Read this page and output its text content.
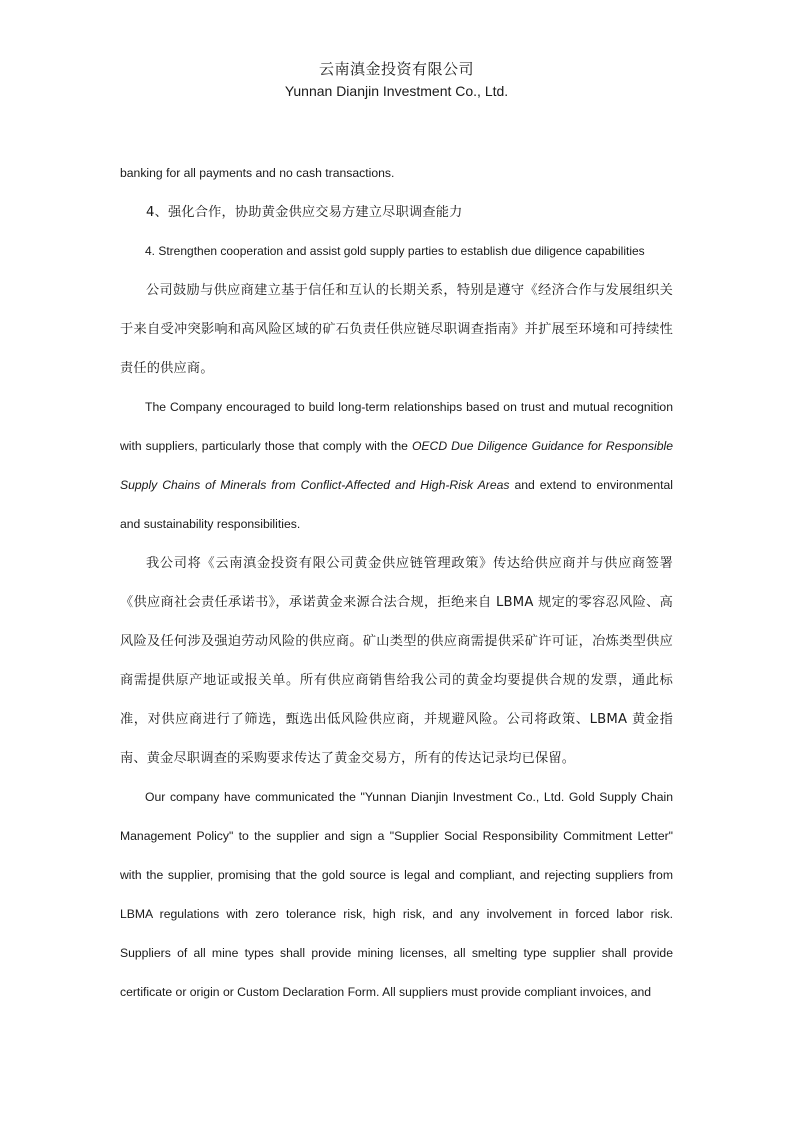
云南滇金投资有限公司
Yunnan Dianjin Investment Co., Ltd.

banking for all payments and no cash transactions.

4、强化合作，协助黄金供应交易方建立尽职调查能力

4. Strengthen cooperation and assist gold supply parties to establish due diligence capabilities

公司鼓励与供应商建立基于信任和互认的长期关系，特别是遵守《经济合作与发展组织关于来自受冲突影响和高风险区域的矿石负责任供应链尽职调查指南》并扩展至环境和可持续性责任的供应商。

The Company encouraged to build long-term relationships based on trust and mutual recognition with suppliers, particularly those that comply with the OECD Due Diligence Guidance for Responsible Supply Chains of Minerals from Conflict-Affected and High-Risk Areas and extend to environmental and sustainability responsibilities.

我公司将《云南滇金投资有限公司黄金供应链管理政策》传达给供应商并与供应商签署《供应商社会责任承诺书》，承诺黄金来源合法合规，拒绝来自 LBMA 规定的零容忍风险、高风险及任何涉及强迫劳动风险的供应商。矿山类型的供应商需提供采矿许可证，冶炼类型供应商需提供原产地证或报关单。所有供应商销售给我公司的黄金均要提供合规的发票，通此标准，对供应商进行了筛选，甄选出低风险供应商，并规避风险。公司将政策、LBMA 黄金指南、黄金尽职调查的采购要求传达了黄金交易方，所有的传达记录均已保留。

Our company have communicated the "Yunnan Dianjin Investment Co., Ltd. Gold Supply Chain Management Policy" to the supplier and sign a "Supplier Social Responsibility Commitment Letter" with the supplier, promising that the gold source is legal and compliant, and rejecting suppliers from LBMA regulations with zero tolerance risk, high risk, and any involvement in forced labor risk. Suppliers of all mine types shall provide mining licenses, all smelting type supplier shall provide certificate or origin or Custom Declaration Form. All suppliers must provide compliant invoices, and
